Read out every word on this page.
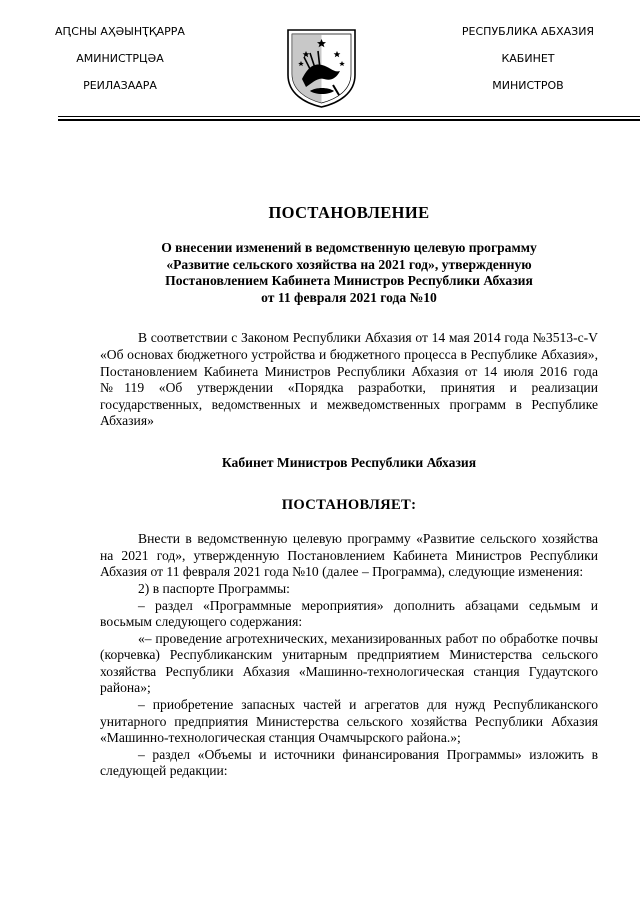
АԤСНЫ АҲӘЫНҬҚАРРА
АМИНИСТРЦӘА
РЕИЛАЗААРА
РЕСПУБЛИКА АБХАЗИЯ
КАБИНЕТ
МИНИСТРОВ
ПОСТАНОВЛЕНИЕ
О внесении изменений в ведомственную целевую программу
«Развитие сельского хозяйства на 2021 год», утвержденную
Постановлением Кабинета Министров Республики Абхазия
от 11 февраля 2021 года №10

В соответствии с Законом Республики Абхазия от 14 мая 2014 года №3513-с-V «Об основах бюджетного устройства и бюджетного процесса в Республике Абхазия», Постановлением Кабинета Министров Республики Абхазия от 14 июля 2016 года №119 «Об утверждении «Порядка разработки, принятия и реализации государственных, ведомственных и межведомственных программ в Республике Абхазия»

Кабинет Министров Республики Абхазия

ПОСТАНОВЛЯЕТ:

Внести в ведомственную целевую программу «Развитие сельского хозяйства на 2021 год», утвержденную Постановлением Кабинета Министров Республики Абхазия от 11 февраля 2021 года №10 (далее – Программа), следующие изменения:

2) в паспорте Программы:

– раздел «Программные мероприятия» дополнить абзацами седьмым и восьмым следующего содержания:

«– проведение агротехнических, механизированных работ по обработке почвы (корчевка) Республиканским унитарным предприятием Министерства сельского хозяйства Республики Абхазия «Машинно-технологическая станция Гудаутского района»;

– приобретение запасных частей и агрегатов для нужд Республиканского унитарного предприятия Министерства сельского хозяйства Республики Абхазия «Машинно-технологическая станция Очамчырского района.»;

– раздел «Объемы и источники финансирования Программы» изложить в следующей редакции:
